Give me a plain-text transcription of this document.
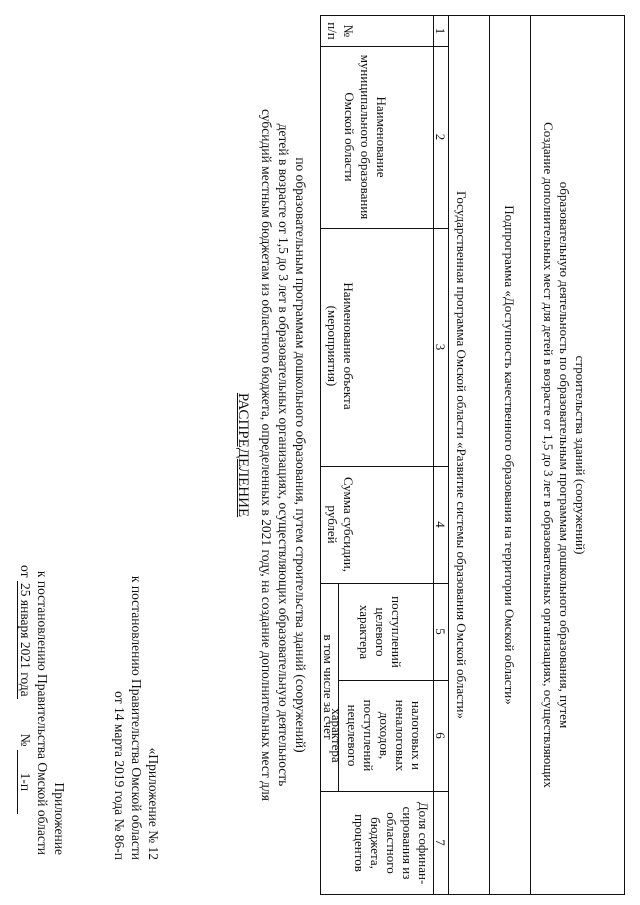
Приложение
к постановлению Правительства Омской области
от 25 января 2021 года  № 1-п	«Приложение № 12
к постановлению Правительства Омской области
от 14 марта 2019 года № 86-п
РАСПРЕДЕЛЕНИЕ субсидий местным бюджетам из областного бюджета, определенных в 2021 году, на создание дополнительных мест для детей в возрасте от 1,5 до 3 лет в образовательных организациях, осуществляющих образовательную деятельность по образовательным программам дошкольного образования, путем строительства зданий (сооружений)
№ п/п
Наименование муниципального образования Омской области
Наименование объекта (мероприятия)
Сумма субсидии, рублей
в том числе за счет
поступлений целевого характера
налоговых и неналоговых доходов, поступлений нецелевого характера
Доля софинан-сирования из областного бюджета, процентов
1
2
3
4
5
6
7
Государственная программа Омской области «Развитие системы образования Омской области»	Подпрограмма «Доступность качественного образования на территории Омской области» Создание дополнительных мест для детей в возрасте от 1,5 до 3 лет в образовательных организациях, осуществляющих образовательную деятельность по образовательным программам дошкольного образования, путем строительства зданий (сооружений)
